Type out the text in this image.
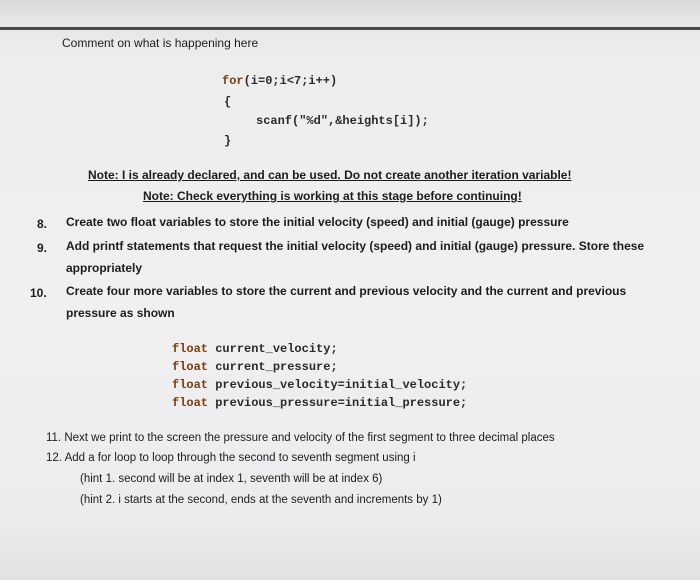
Comment on what is happening here
for(i=0;i<7;i++)
{
scanf("%d",&heights[i]);
}
Note: I is already declared, and can be used. Do not create another iteration variable!
Note: Check everything is working at this stage before continuing!
8. Create two float variables to store the initial velocity (speed) and initial (gauge) pressure
9. Add printf statements that request the initial velocity (speed) and initial (gauge) pressure. Store these appropriately
10. Create four more variables to store the current and previous velocity and the current and previous pressure as shown
float current_velocity;
float current_pressure;
float previous_velocity=initial_velocity;
float previous_pressure=initial_pressure;
11. Next we print to the screen the pressure and velocity of the first segment to three decimal places
12. Add a for loop to loop through the second to seventh segment using i
(hint 1. second will be at index 1, seventh will be at index 6)
(hint 2. i starts at the second, ends at the seventh and increments by 1)
